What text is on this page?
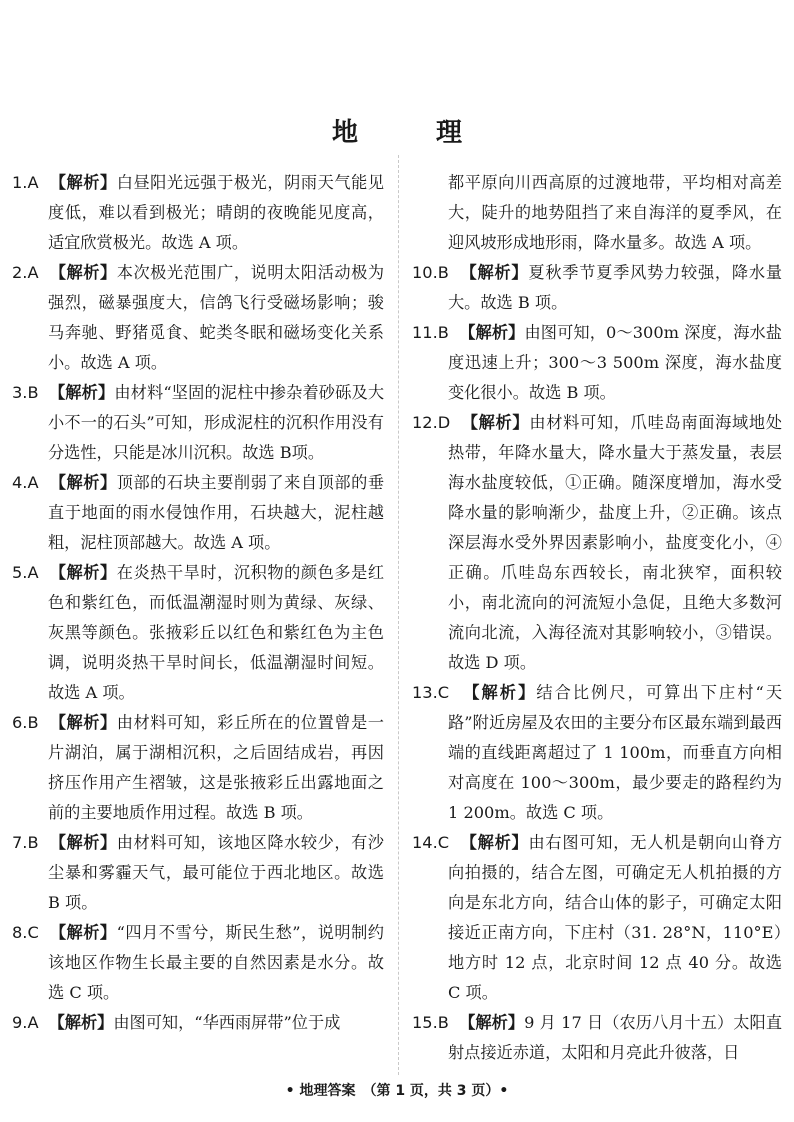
地　理
1.A　 【解析】白昼阳光远强于极光，阴雨天气能见度低，难以看到极光；晴朗的夜晚能见度高，适宜欣赏极光。故选 A 项。
2.A　 【解析】本次极光范围广，说明太阳活动极为强烈，磁暴强度大，信鸽飞行受磁场影响；骏马奔驰、野猪觅食、蛇类冬眠和磁场变化关系小。故选 A 项。
3.B　 【解析】由材料“坚固的泥柱中掺杂着砂砾及大小不一的石头”可知，形成泥柱的沉积作用没有分选性，只能是冰川沉积。故选 B项。
4.A　 【解析】顶部的石块主要削弱了来自顶部的垂直于地面的雨水侵蚀作用，石块越大，泥柱越粗，泥柱顶部越大。故选 A 项。
5.A　 【解析】在炎热干旱时，沉积物的颜色多是红色和紫红色，而低温潮湿时则为黄绿、灰绿、灰黑等颜色。张掖彩丘以红色和紫红色为主色调，说明炎热干旱时间长，低温潮湿时间短。故选 A 项。
6.B　 【解析】由材料可知，彩丘所在的位置曾是一片湖泊，属于湖相沉积，之后固结成岩，再因挤压作用产生褶皱，这是张掖彩丘出露地面之前的主要地质作用过程。故选 B 项。
7.B　 【解析】由材料可知，该地区降水较少，有沙尘暴和雾霾天气，最可能位于西北地区。故选 B 项。
8.C　 【解析】“四月不雪兮，斯民生愁”，说明制约该地区作物生长最主要的自然因素是水分。故选 C 项。
9.A　 【解析】由图可知，“华西雨屏带”位于成
都平原向川西高原的过渡地带，平均相对高差大，陡升的地势阻挡了来自海洋的夏季风，在迎风坡形成地形雨，降水量多。故选 A 项。
10.B　 【解析】夏秋季节夏季风势力较强，降水量大。故选 B 项。
11.B　 【解析】由图可知，0～300m 深度，海水盐度迅速上升；300～3 500m 深度，海水盐度变化很小。故选 B 项。
12.D　 【解析】由材料可知，爪哇岛南面海域地处热带，年降水量大，降水量大于蒸发量，表层海水盐度较低，①正确。随深度增加，海水受降水量的影响渐少，盐度上升，②正确。该点深层海水受外界因素影响小，盐度变化小，④正确。爪哇岛东西较长，南北狭窄，面积较小，南北流向的河流短小急促，且绝大多数河流向北流，入海径流对其影响较小，③错误。故选 D 项。
13.C　 【解析】结合比例尺，可算出下庄村“天路”附近房屋及农田的主要分布区最东端到最西端的直线距离超过了 1 100m，而垂直方向相对高度在 100～300m，最少要走的路程约为 1 200m。故选 C 项。
14.C　 【解析】由右图可知，无人机是朝向山脊方向拍摄的，结合左图，可确定无人机拍摄的方向是东北方向，结合山体的影子，可确定太阳接近正南方向，下庄村（31. 28°N，110°E）地方时 12 点，北京时间 12 点 40 分。故选 C 项。
15.B　 【解析】9 月 17 日（农历八月十五）太阳直射点接近赤道，太阳和月亮此升彼落，日
• 地理答案　（第 1 页，共 3 页）•
